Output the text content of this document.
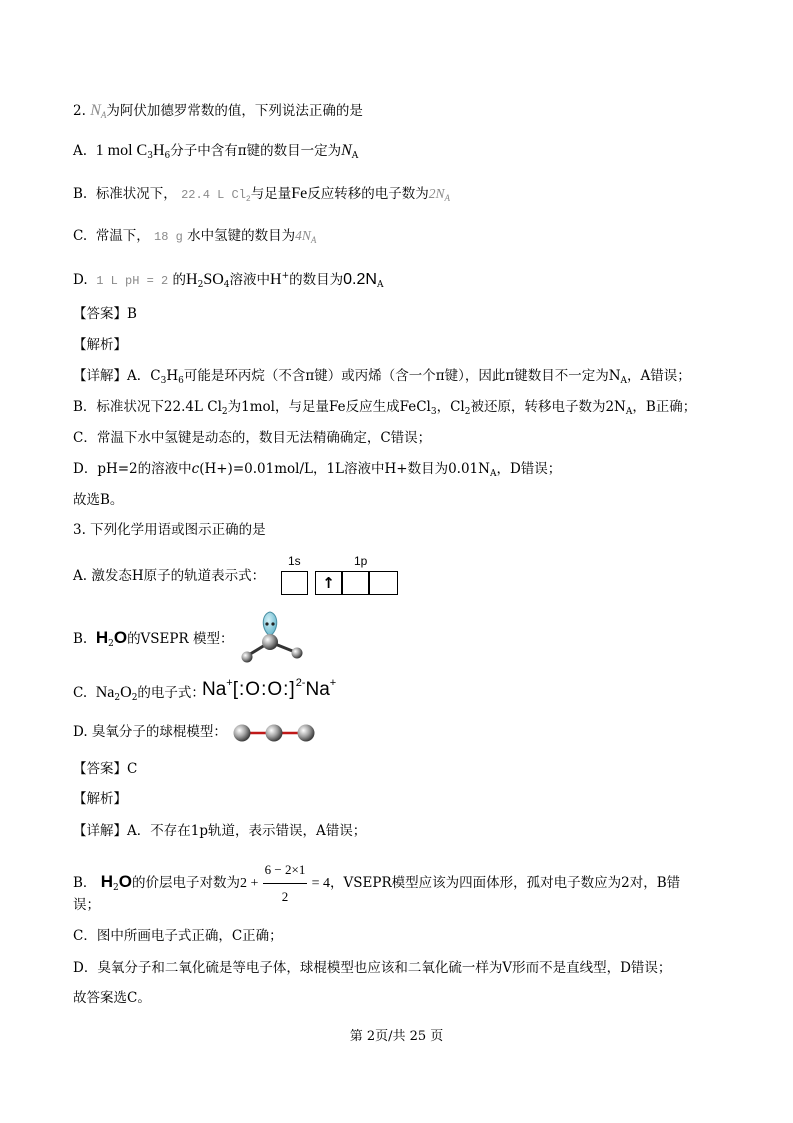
2. $N_A$为阿伏加德罗常数的值，下列说法正确的是
A. 1 mol $C_3H_6$分子中含有π键的数目一定为$N_A$
B. 标准状况下， 22.4 L $Cl_2$与足量Fe反应转移的电子数为$2N_A$
C. 常温下， 18 g 水中氢键的数目为$4N_A$
D. 1 L pH = 2 的$H_2SO_4$溶液中H+的数目为$0.2N_A$
【答案】B
【解析】
【详解】A．$C_3H_6$可能是环丙烷（不含π键）或丙烯（含一个π键），因此π键数目不一定为$N_A$，A错误；
B．标准状况下22.4L $Cl_2$为1mol，与足量Fe反应生成FeCl$_3$，$Cl_2$被还原，转移电子数为$2N_A$，B正确；
C．常温下水中氢键是动态的，数目无法精确确定，C错误；
D．pH=2的溶液中c(H+)=0.01mol/L，1L溶液中H+数目为$0.01N_A$，D错误；
故选B。
3. 下列化学用语或图示正确的是
A. 激发态H原子的轨道表示式：
1s	1p
↑
B. $H_2O$的VSEPR 模型：
C. $Na_2O_2$的电子式：
Na+[:O:O:]$^{2-}$Na+
D. 臭氧分子的球棍模型：
【答案】C
【解析】
【详解】A．不存在1p轨道，表示错误，A错误；
B． $H_2O$的价层电子对数为$2 + \frac{6 - 2\times 1}{2} = 4$，VSEPR模型应该为四面体形，孤对电子数应为2对，B错
误；
C．图中所画电子式正确，C正确；
D．臭氧分子和二氧化硫是等电子体，球棍模型也应该和二氧化硫一样为V形而不是直线型，D错误；
故答案选C。
第 2页/共 25 页
